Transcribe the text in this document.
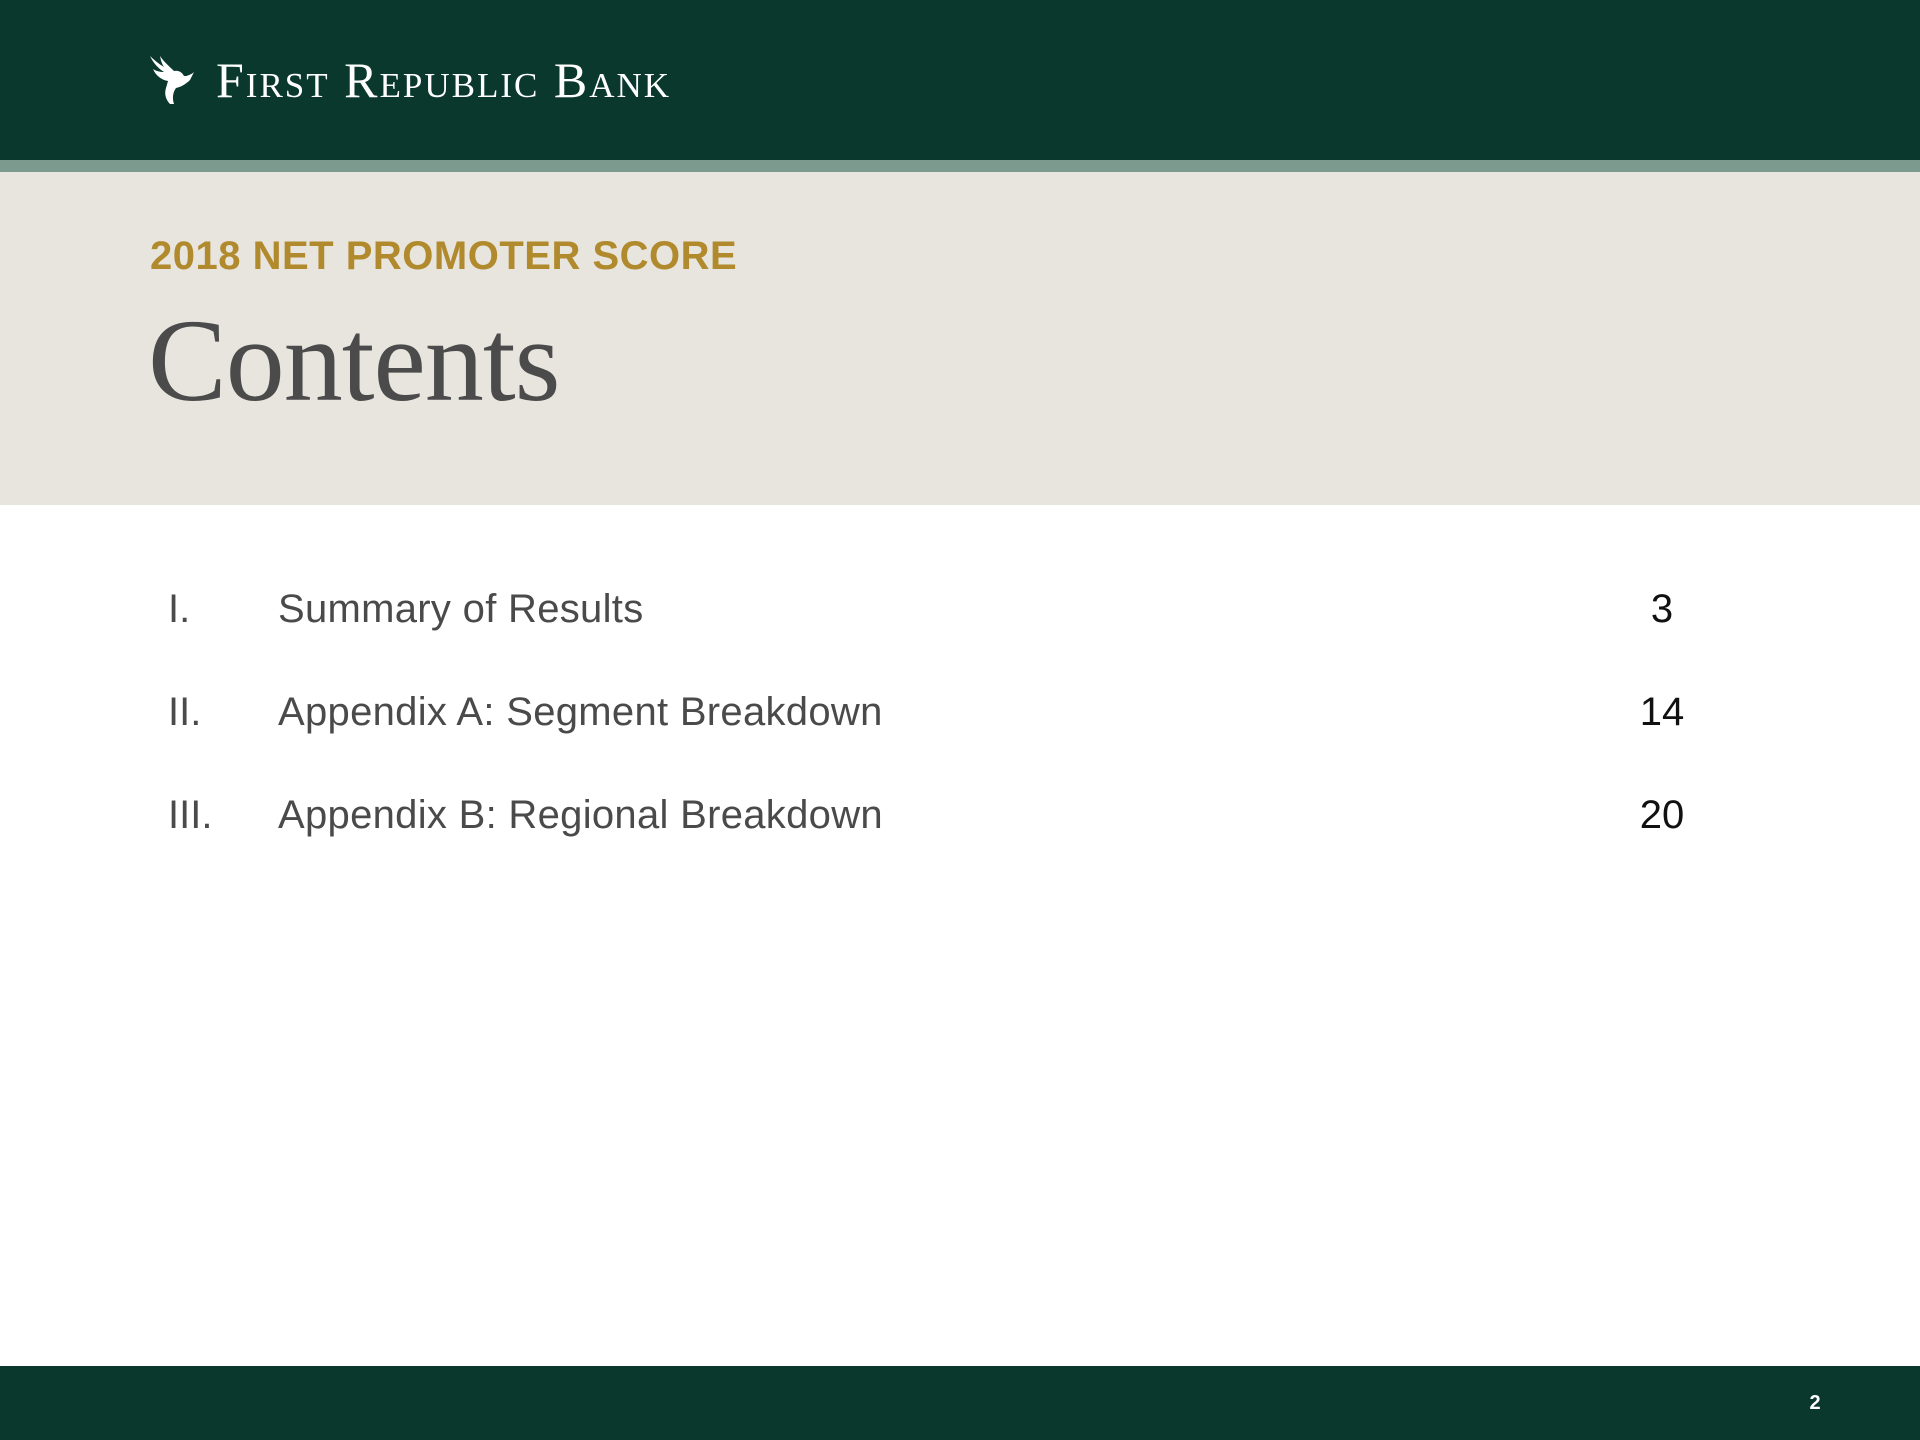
First Republic Bank
2018 NET PROMOTER SCORE
Contents
I. Summary of Results	3
II. Appendix A: Segment Breakdown	14
III. Appendix B: Regional Breakdown	20
2
